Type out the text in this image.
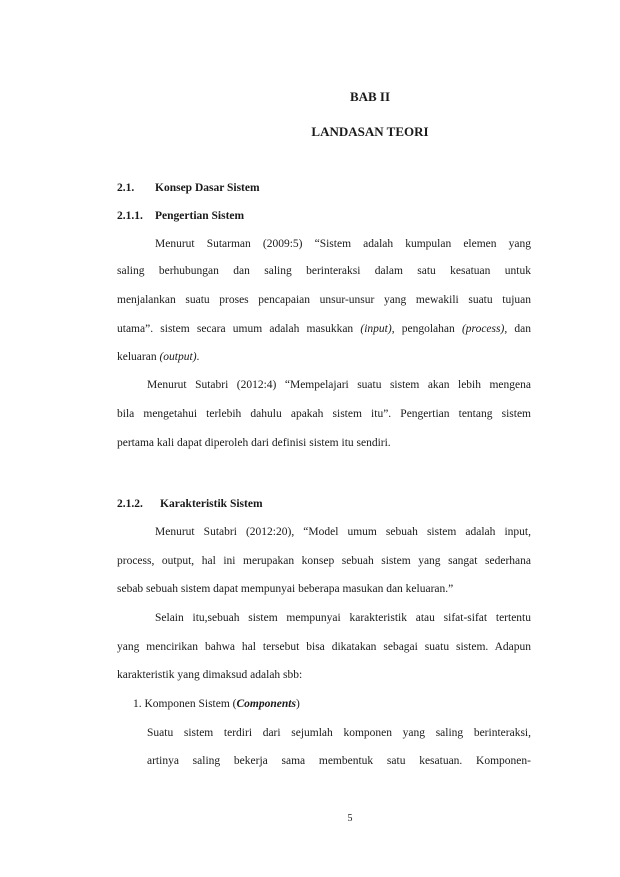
BAB II
LANDASAN TEORI
2.1. Konsep Dasar Sistem
2.1.1. Pengertian Sistem
Menurut Sutarman (2009:5) “Sistem adalah kumpulan elemen yang
saling berhubungan dan saling berinteraksi dalam satu kesatuan untuk
menjalankan suatu proses pencapaian unsur-unsur yang mewakili suatu tujuan
utama”. sistem secara umum adalah masukkan (input), pengolahan (process), dan
keluaran (output).
Menurut Sutabri (2012:4) “Mempelajari suatu sistem akan lebih mengena
bila mengetahui terlebih dahulu apakah sistem itu”. Pengertian tentang sistem
pertama kali dapat diperoleh dari definisi sistem itu sendiri.
2.1.2. Karakteristik Sistem
Menurut Sutabri (2012:20), “Model umum sebuah sistem adalah input,
process, output, hal ini merupakan konsep sebuah sistem yang sangat sederhana
sebab sebuah sistem dapat mempunyai beberapa masukan dan keluaran.”
Selain itu,sebuah sistem mempunyai karakteristik atau sifat-sifat tertentu
yang mencirikan bahwa hal tersebut bisa dikatakan sebagai suatu sistem. Adapun
karakteristik yang dimaksud adalah sbb:
1. Komponen Sistem (Components)
Suatu sistem terdiri dari sejumlah komponen yang saling berinteraksi,
artinya saling bekerja sama membentuk satu kesatuan. Komponen-
5
